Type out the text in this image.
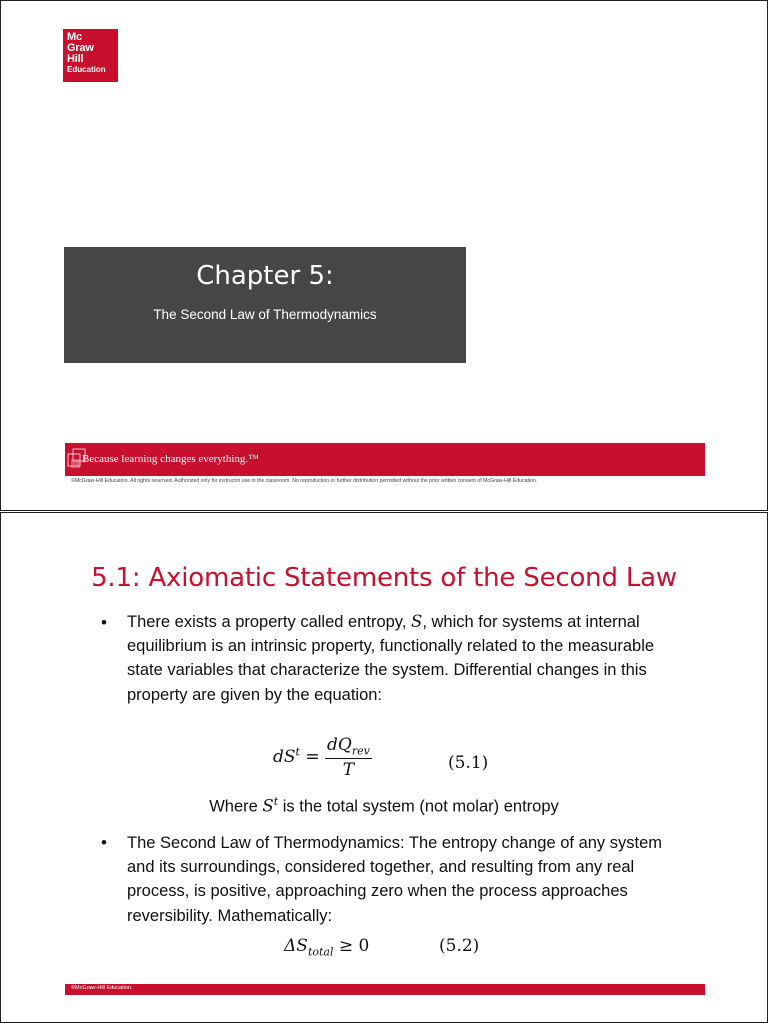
Mc
Graw
Hill
Education
Chapter 5:
The Second Law of Thermodynamics
Because learning changes everything.™
©McGraw-Hill Education. All rights reserved. Authorized only for instructor use in the classroom. No reproduction or further distribution permitted without the prior written consent of McGraw-Hill Education.
5.1: Axiomatic Statements of the Second Law
• There exists a property called entropy, S, which for systems at internal equilibrium is an intrinsic property, functionally related to the measurable state variables that characterize the system. Differential changes in this property are given by the equation:
$dS^t = \frac{dQ_{rev}}{T}$	(5.1)
Where $S^t$ is the total system (not molar) entropy
• The Second Law of Thermodynamics: The entropy change of any system and its surroundings, considered together, and resulting from any real process, is positive, approaching zero when the process approaches reversibility. Mathematically:
$\Delta S_{total} \ge 0$	(5.2)
©McGraw-Hill Education.
